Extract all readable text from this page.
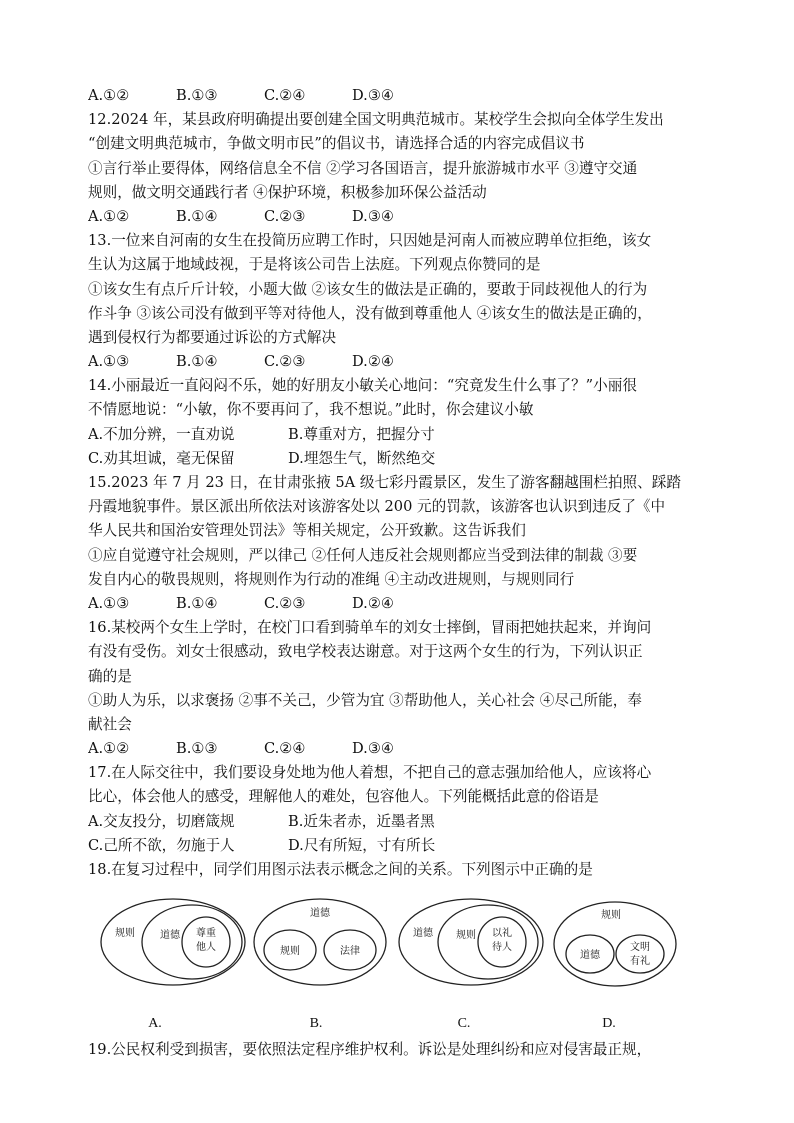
A.①②	B.①③	C.②④	D.③④
12.2024 年，某县政府明确提出要创建全国文明典范城市。某校学生会拟向全体学生发出
“创建文明典范城市，争做文明市民”的倡议书，请选择合适的内容完成倡议书
①言行举止要得体，网络信息全不信 ②学习各国语言，提升旅游城市水平 ③遵守交通
规则，做文明交通践行者 ④保护环境，积极参加环保公益活动
A.①②	B.①④	C.②③	D.③④
13.一位来自河南的女生在投简历应聘工作时，只因她是河南人而被应聘单位拒绝，该女
生认为这属于地域歧视，于是将该公司告上法庭。下列观点你赞同的是
①该女生有点斤斤计较，小题大做 ②该女生的做法是正确的，要敢于同歧视他人的行为
作斗争 ③该公司没有做到平等对待他人，没有做到尊重他人 ④该女生的做法是正确的，
遇到侵权行为都要通过诉讼的方式解决
A.①③	B.①④	C.②③	D.②④
14.小丽最近一直闷闷不乐，她的好朋友小敏关心地问：“究竟发生什么事了？”小丽很
不情愿地说：“小敏，你不要再问了，我不想说。”此时，你会建议小敏
A.不加分辨，一直劝说	B.尊重对方，把握分寸
C.劝其坦诚，毫无保留	D.埋怨生气，断然绝交
15.2023 年 7 月 23 日，在甘肃张掖 5A 级七彩丹霞景区，发生了游客翻越围栏拍照、踩踏
丹霞地貌事件。景区派出所依法对该游客处以 200 元的罚款，该游客也认识到违反了《中
华人民共和国治安管理处罚法》等相关规定，公开致歉。这告诉我们
①应自觉遵守社会规则，严以律己 ②任何人违反社会规则都应当受到法律的制裁 ③要
发自内心的敬畏规则，将规则作为行动的准绳 ④主动改进规则，与规则同行
A.①③	B.①④	C.②③	D.②④
16.某校两个女生上学时，在校门口看到骑单车的刘女士摔倒，冒雨把她扶起来，并询问
有没有受伤。刘女士很感动，致电学校表达谢意。对于这两个女生的行为，下列认识正
确的是
①助人为乐，以求褒扬 ②事不关己，少管为宜 ③帮助他人，关心社会 ④尽己所能，奉
献社会
A.①②	B.①③	C.②④	D.③④
17.在人际交往中，我们要设身处地为他人着想，不把自己的意志强加给他人，应该将心
比心，体会他人的感受，理解他人的难处，包容他人。下列能概括此意的俗语是
A.交友投分，切磨箴规	B.近朱者赤，近墨者黑
C.己所不欲，勿施于人	D.尺有所短，寸有所长
18.在复习过程中，同学们用图示法表示概念之间的关系。下列图示中正确的是
规则	道德 尊重
他人
A.
道德
规则	法律
B.
道德 规则 以礼
待人
C.
规则
道德
文明
有礼
D.
19.公民权利受到损害，要依照法定程序维护权利。诉讼是处理纠纷和应对侵害最正规，
